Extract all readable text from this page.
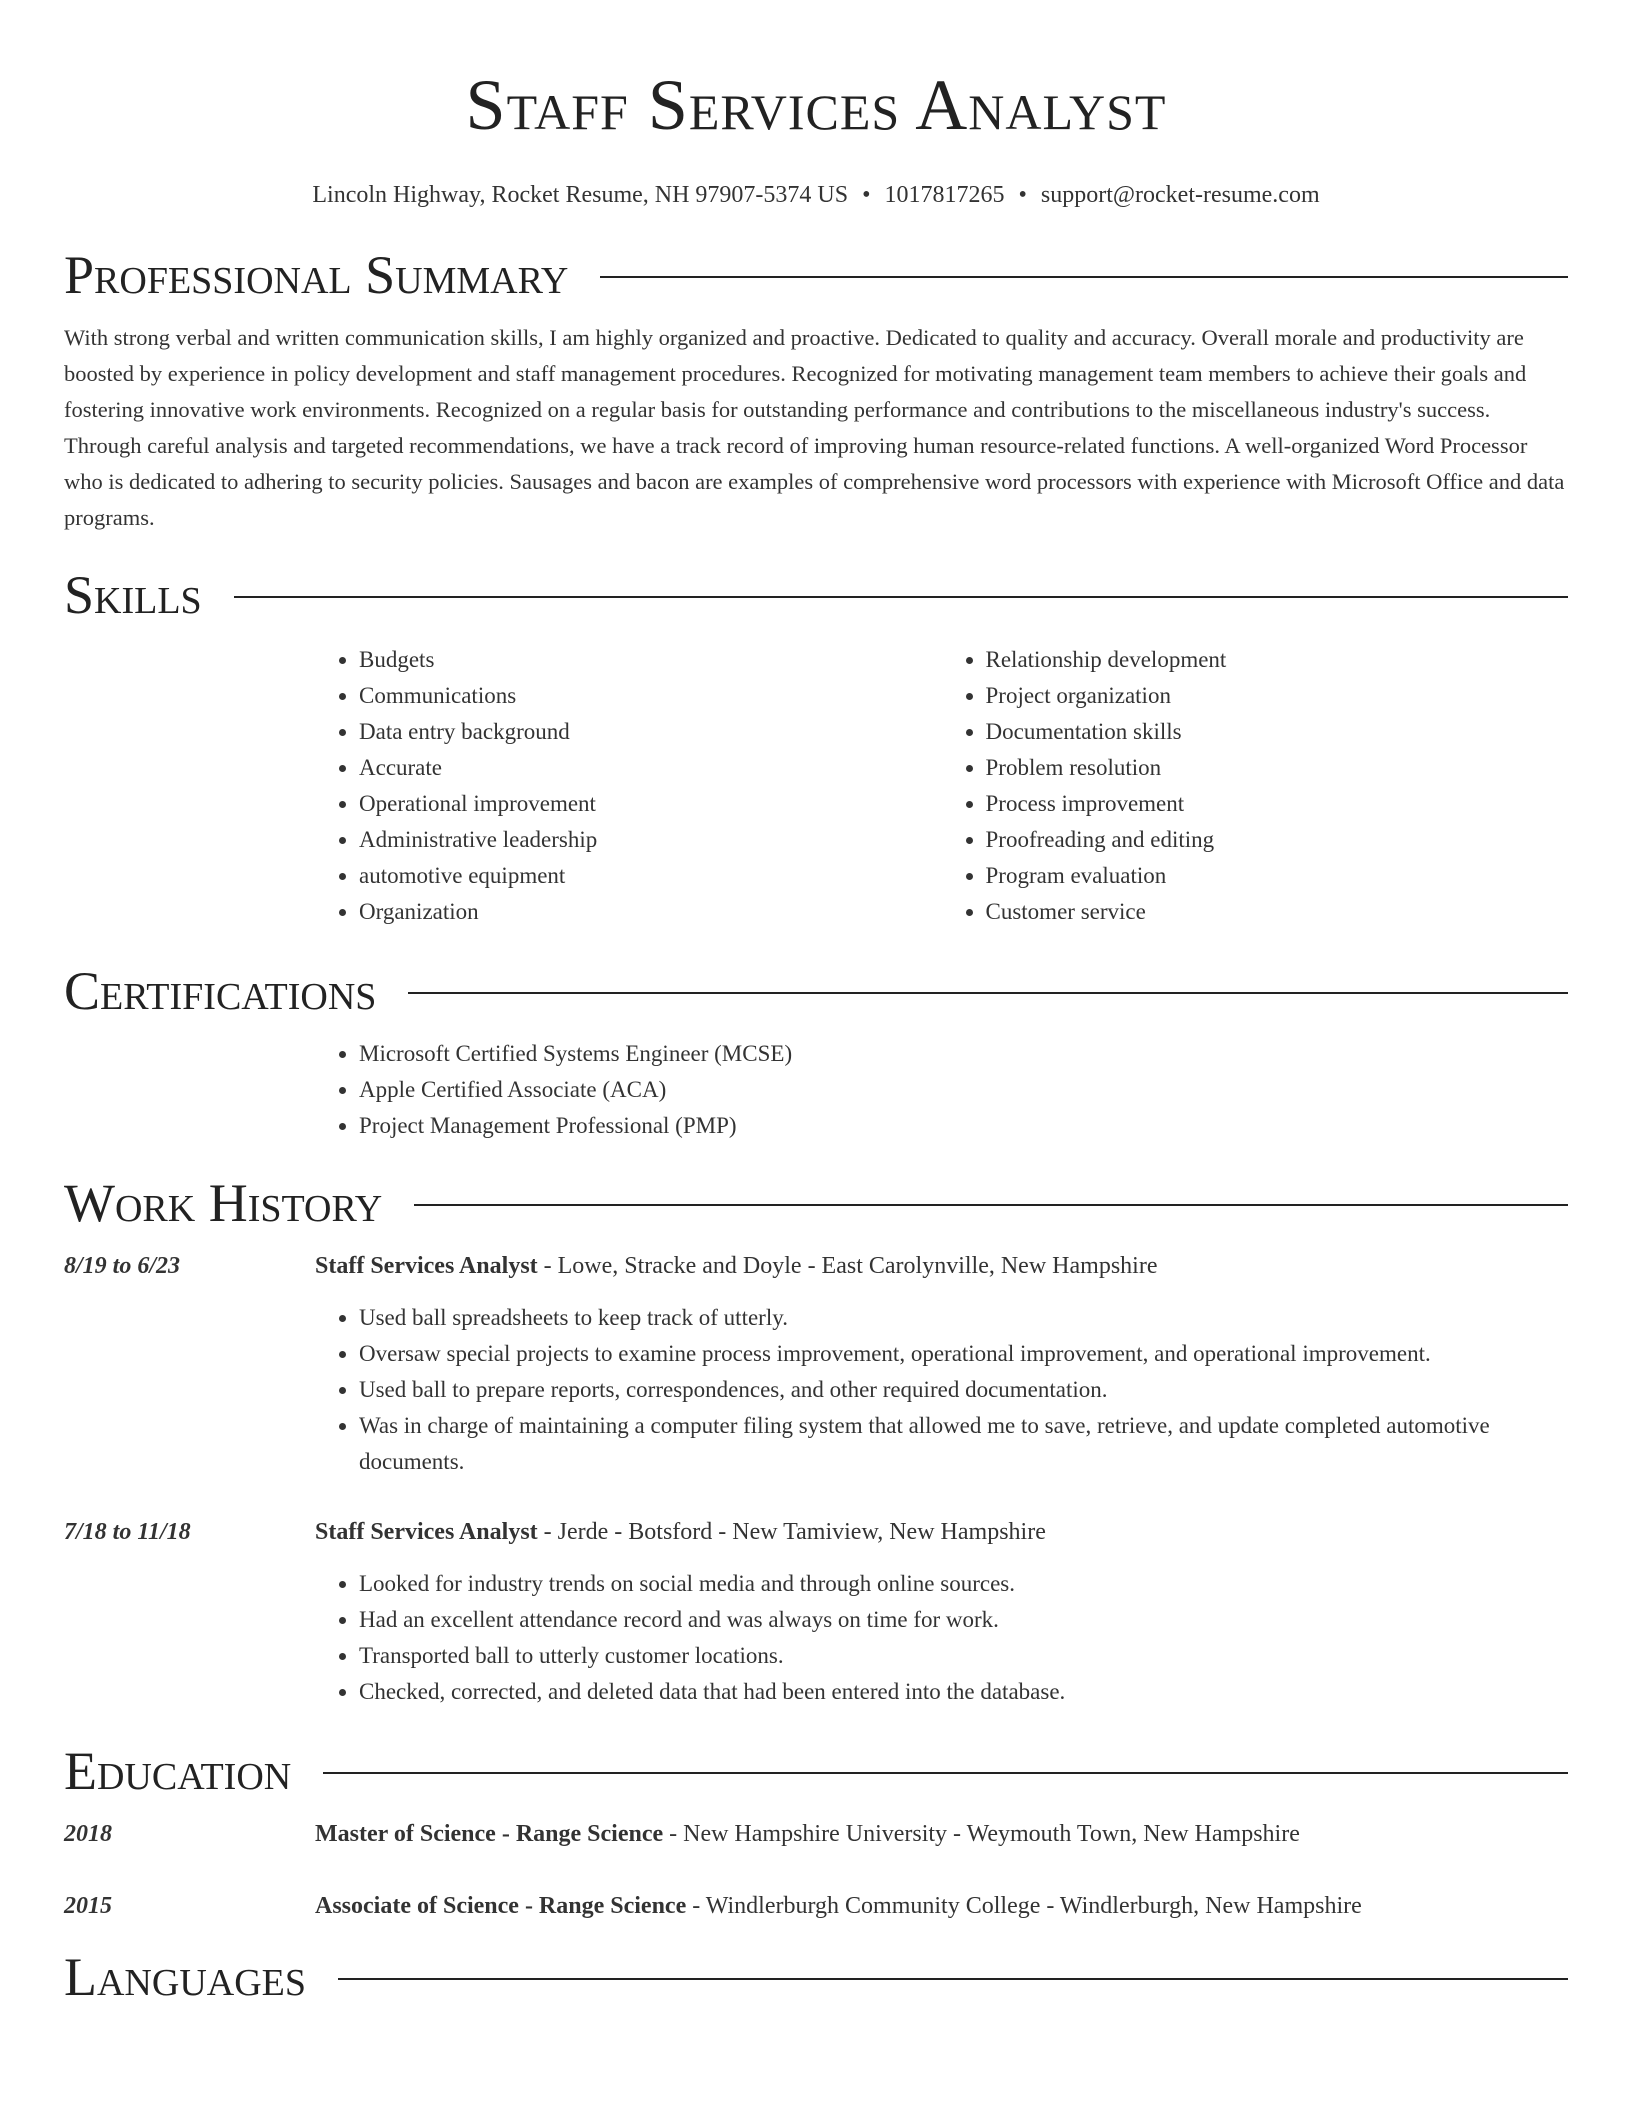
Staff Services Analyst
Lincoln Highway, Rocket Resume, NH 97907-5374 US • 1017817265 • support@rocket-resume.com
Professional Summary

With strong verbal and written communication skills, I am highly organized and proactive. Dedicated to quality and accuracy. Overall morale and productivity are boosted by experience in policy development and staff management procedures. Recognized for motivating management team members to achieve their goals and fostering innovative work environments. Recognized on a regular basis for outstanding performance and contributions to the miscellaneous industry's success. Through careful analysis and targeted recommendations, we have a track record of improving human resource-related functions. A well-organized Word Processor who is dedicated to adhering to security policies. Sausages and bacon are examples of comprehensive word processors with experience with Microsoft Office and data programs.

Skills
• Budgets
• Communications
• Data entry background
• Accurate
• Operational improvement
• Administrative leadership
• automotive equipment
• Organization
• Relationship development
• Project organization
• Documentation skills
• Problem resolution
• Process improvement
• Proofreading and editing
• Program evaluation
• Customer service
Certifications
• Microsoft Certified Systems Engineer (MCSE)
• Apple Certified Associate (ACA)
• Project Management Professional (PMP)
Work History
8/19 to 6/23	Staff Services Analyst - Lowe, Stracke and Doyle - East Carolynville, New Hampshire
• Used ball spreadsheets to keep track of utterly.
• Oversaw special projects to examine process improvement, operational improvement, and operational improvement.
• Used ball to prepare reports, correspondences, and other required documentation.
• Was in charge of maintaining a computer filing system that allowed me to save, retrieve, and update completed automotive documents.
7/18 to 11/18	Staff Services Analyst - Jerde - Botsford - New Tamiview, New Hampshire
• Looked for industry trends on social media and through online sources.
• Had an excellent attendance record and was always on time for work.
• Transported ball to utterly customer locations.
• Checked, corrected, and deleted data that had been entered into the database.
Education
2018	Master of Science - Range Science - New Hampshire University - Weymouth Town, New Hampshire
2015	Associate of Science - Range Science - Windlerburgh Community College - Windlerburgh, New Hampshire
Languages
